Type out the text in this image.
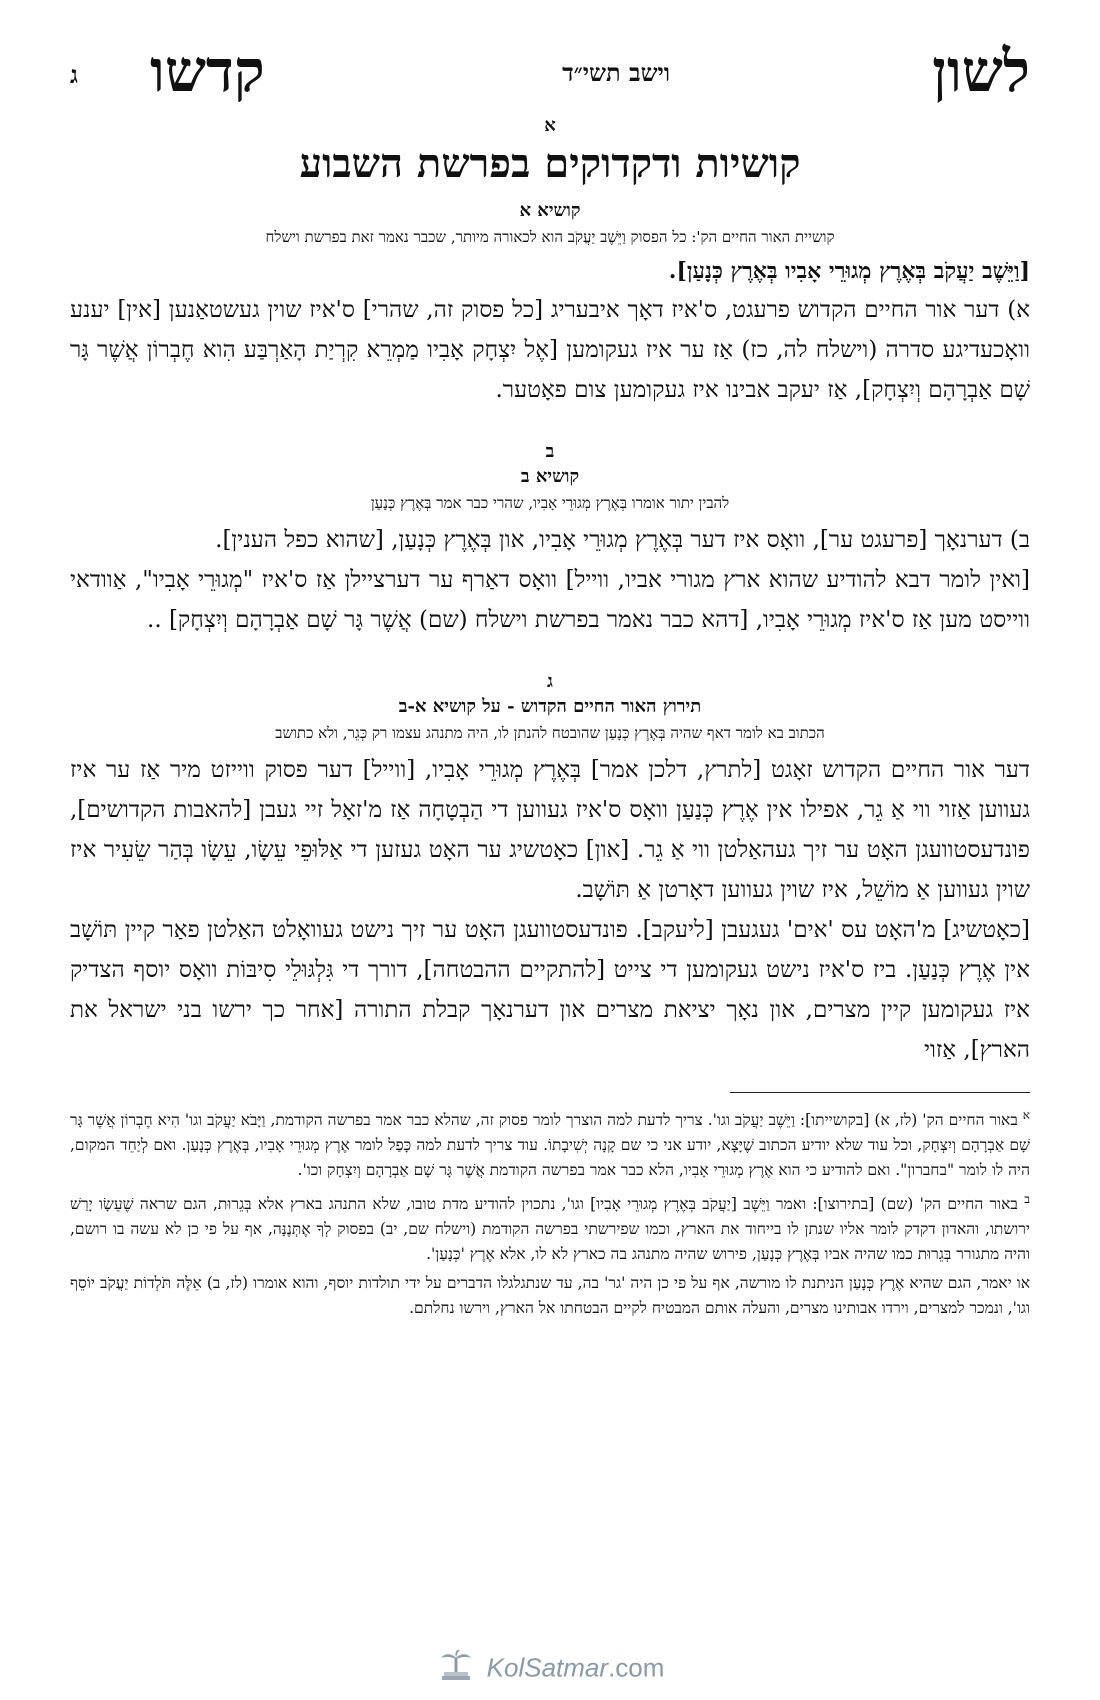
לשון
וישב תשי״ד
קדשו
ג

א

קושיות ודקדוקים בפרשת השבוע

קושיא א

קושיית האור החיים הק': כל הפסוק וַיֵּשֶׁב יַעֲקֹב הוא לכאורה מיותר, שכבר נאמר זאת בפרשת וישלח

[וַיֵּשֶׁב יַעֲקֹב בְּאֶרֶץ מְגוּרֵי אָבִיו בְּאֶרֶץ כְּנָעַן].

א) דער אור החיים הקדוש פרעגט, ס'איז דאָך איבעריג [כל פסוק זה, שהרי] ס'איז שוין געשטאַנען [אין] יענע וואָכעדיגע סדרה (וישלח לה, כז) אַז ער איז געקומען [אֶל יִצְחָק אָבִיו מַמְרֵא קִרְיַת הָאַרְבַּע הִוא חֶבְרוֹן אֲשֶׁר גָּר שָׁם אַבְרָהָם וְיִצְחָק], אַז יעקב אבינו איז געקומען צום פאָטער.

ב

קושיא ב

להבין יתור אומרו בְּאֶרֶץ מְגוּרֵי אָבִיו, שהרי כבר אמר בְּאֶרֶץ כְּנָעַן

ב) דערנאָך [פרעגט ער], וואָס איז דער בְּאֶרֶץ מְגוּרֵי אָבִיו, און בְּאֶרֶץ כְּנָעַן, [שהוא כפל הענין].

[ואין לומר דבא להודיע שהוא ארץ מגורי אביו, ווייל] וואָס דאַרף ער דערציילן אַז ס'איז "מְגוּרֵי אָבִיו", אַוודאי ווייסט מען אַז ס'איז מְגוּרֵי אָבִיו, [דהא כבר נאמר בפרשת וישלח (שם) אֲשֶׁר גָּר שָׁם אַבְרָהָם וְיִצְחָק] ..

ג

תירוץ האור החיים הקדוש - על קושיא א-ב

הכתוב בא לומר דאף שהיה בְּאֶרֶץ כְּנָעַן שהובטח להנתן לו, היה מתנהג עצמו רק כְּגֵר, ולא כתושב

דער אור החיים הקדוש זאָגט [לתרץ, דלכן אמר] בְּאֶרֶץ מְגוּרֵי אָבִיו, [ווייל] דער פסוק ווייזט מיר אַז ער איז געווען אַזוי ווי אַ גֵר, אפילו אין אֶרֶץ כְּנַעַן וואָס ס'איז געווען די הַבְטָחָה אַז מ'זאָל זיי געבן [להאבות הקדושים], פונדעסטוועגן האָט ער זיך געהאַלטן ווי אַ גֵר. [און] כאָטשיג ער האָט געזען די אַלּוּפֵי עֵשָׂו, עֵשָׂו בְּהַר שֵׂעִיר איז שוין געווען אַ מוֹשֵׁל, איז שוין געווען דאָרטן אַ תּוֹשָׁב.

[כאָטשיג] מ'האָט עס 'אים' געגעבן [ליעקב]. פונדעסטוועגן האָט ער זיך נישט געוואָלט האַלטן פאַר קיין תּוֹשָׁב אין אֶרֶץ כְּנַעַן. ביז ס'איז נישט געקומען די צייט [להתקיים ההבטחה], דורך די גִּלְגּוּלֵי סִיבּוֹת וואָס יוסף הצדיק איז געקומען קיין מצרים, און נאָך יציאת מצרים און דערנאָך קבלת התורה [אחר כך ירשו בני ישראל את הארץ], אַזוי

$^א$ באור החיים הק' (לז, א) [בקושייתו]: וַיֵּשֶׁב יַעֲקֹב וגו'. צריך לדעת למה הוצרך לומר פסוק זה, שהלא כבר אמר בפרשה הקודמת, וַיָּבֹא יַעֲקֹב וגו' הִיא חֶבְרוֹן אֲשֶׁר גָּר שָׁם אַבְרָהָם וְיִצְחָק, וכל עוד שלא יודיע הכתוב שֶׁיָּצָא, יודע אני כי שם קָנָה יְשִׁיבָתוֹ. עוד צריך לדעת למה כָּפַל לומר אֶרֶץ מְגוּרֵי אָבִיו, בְּאֶרֶץ כְּנָעַן. ואם לְיַחֵד המקום, היה לו לומר "בחברון". ואם להודיע כי הוא אֶרֶץ מְגוּרֵי אָבִיו, הלא כבר אמר בפרשה הקודמת אֲשֶׁר גָּר שָׁם אַבְרָהָם וְיִצְחָק וכו'.

$^ב$ באור החיים הק' (שם) [בתירוצו]: ואמר וַיֵּשֶׁב [יַעֲקֹב בְּאֶרֶץ מְגוּרֵי אָבִיו] וגו', נתכוין להודיע מדת טובו, שלא התנהג בארץ אלא בְּגֵרוּת, הגם שראה שֶׁעֵשָׂו יָרַשׁ ירושתו, והאדון דקדק לומר אליו שנתן לו בייחוד את הארץ, וכמו שפירשתי בפרשה הקודמת (וישלח שם, יב) בפסוק לְךָ אֶתְּנֶנָּה, אף על פי כן לא עשה בו רושם, והיה מתגורר בְּגֵרוּת כמו שהיה אביו בְּאֶרֶץ כְּנָעַן, פירוש שהיה מתנהג בה כארץ לא לו, אלא אֶרֶץ 'כְּנָעַן'.

או יאמר, הגם שהיא אֶרֶץ כְּנָעַן הניתנת לו מורשה, אף על פי כן היה 'גר' בה, עד שנתגלגלו הדברים על ידי תולדות יוסף, והוא אומרו (לז, ב) אֵלֶּה תֹּלְדוֹת יַעֲקֹב יוֹסֵף וגו', ונמכר למצרים, וירדו אבותינו מצרים, והעלה אותם המבטיח לקיים הבטחתו אל הארץ, וירשו נחלתם.

KolSatmar.com
